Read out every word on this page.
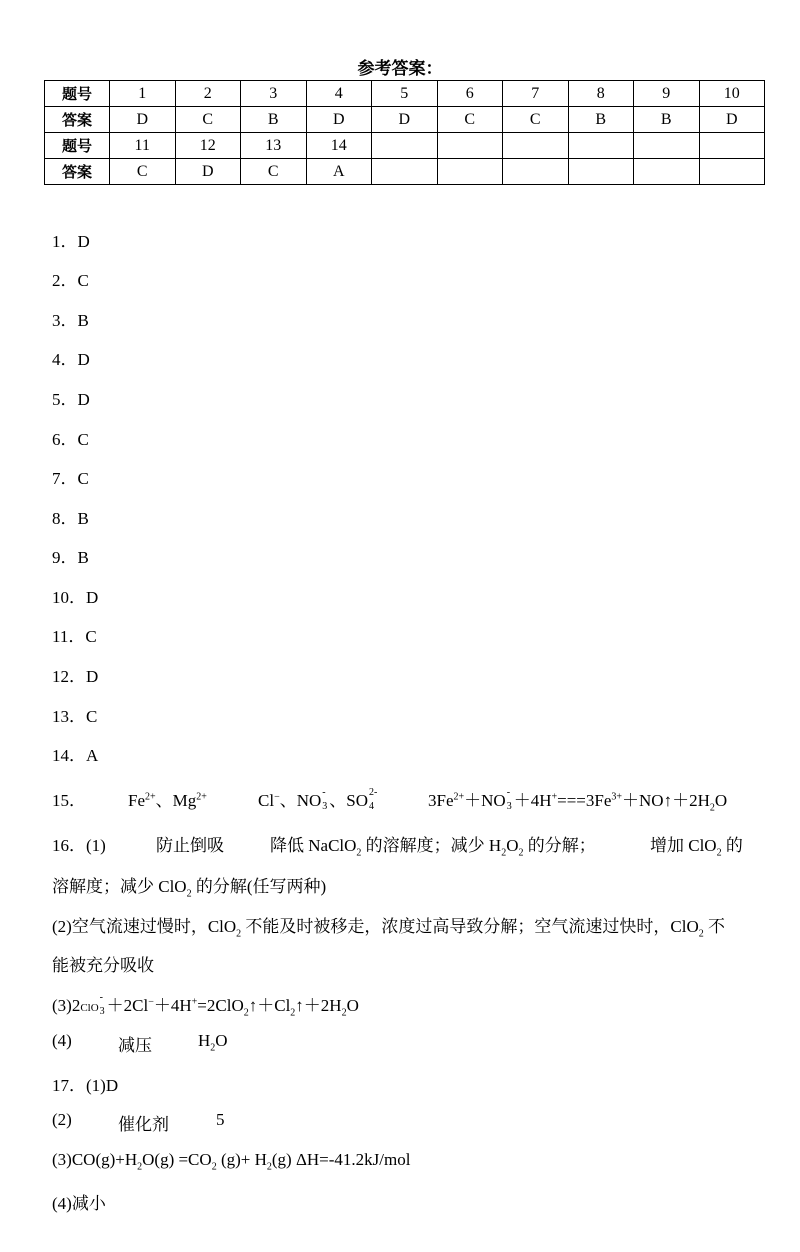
参考答案：
题号	1	2	3	4	5	6	7	8	9	10
答案	D	C	B	D	D	C	C	B	B	D
题号	11	12	13	14						
答案	C	D	C	A						
1．D
2．C
3．B
4．D
5．D
6．C
7．C
8．B
9．B
10．D
11．C
12．D
13．C
14．A
15． $Fe^{2+}$、$Mg^{2+}$	Cl−、NO -
3 、SO 2-
4	$3Fe^{2+}+NO$ -
$3 +4H^+===3Fe^{3+}+NO↑+2H_2O$
16．(1)	防止倒吸	降低 NaClO$_2$ 的溶解度；减少 $H_2O_2$ 的分解；	增加 ClO$_2$ 的
溶解度；减少 ClO$_2$ 的分解(任写两种)
(2)空气流速过慢时，ClO$_2$ 不能及时被移走，浓度过高导致分解；空气流速过快时，ClO$_2$ 不
能被充分吸收
(3)2ClO
-
$3 +2Cl^-+4H^+=2ClO_2↑+Cl_2↑+2H_2O$
(4)	减压	$H_2O$
17．(1)D
(2)	催化剂	5
$(3)CO(g)+H_2O(g) =CO_2$ $(g)+ H_2(g)$ ΔH=-41.2kJ/mol
(4)减小
